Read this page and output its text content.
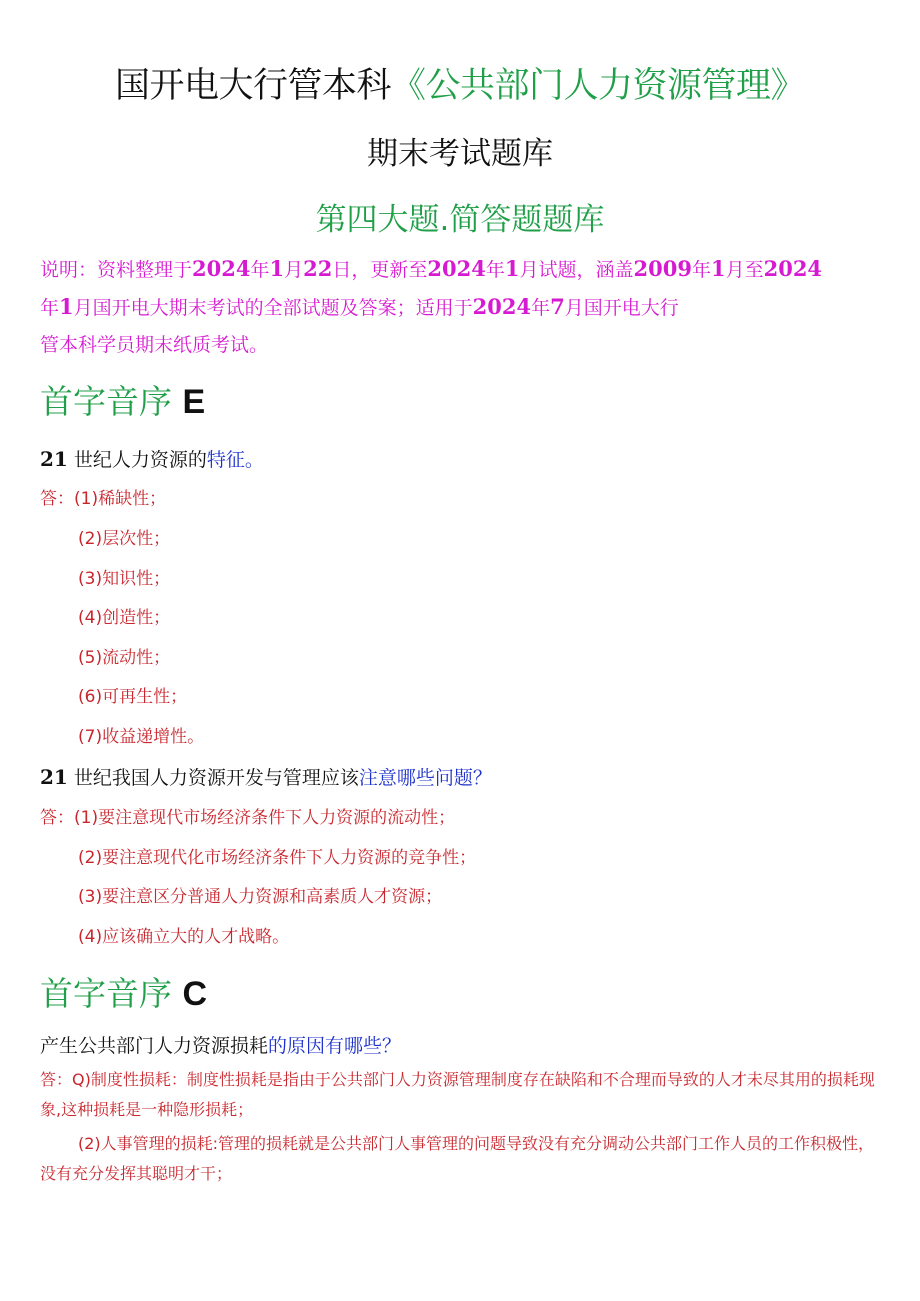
国开电大行管本科《公共部门人力资源管理》
期末考试题库
第四大题.简答题题库
说明：资料整理于2024年1月22日，更新至2024年1月试题，涵盖2009年1月至2024
年1月国开电大期末考试的全部试题及答案；适用于2024年7月国开电大行
管本科学员期末纸质考试。
首字音序 E
21 世纪人力资源的特征。
答：(1)稀缺性；
(2)层次性；
(3)知识性；
(4)创造性；
(5)流动性；
(6)可再生性；
(7)收益递增性。
21 世纪我国人力资源开发与管理应该注意哪些问题？
答：(1)要注意现代市场经济条件下人力资源的流动性；
(2)要注意现代化市场经济条件下人力资源的竞争性；
(3)要注意区分普通人力资源和高素质人才资源；
(4)应该确立大的人才战略。
首字音序 C
产生公共部门人力资源损耗的原因有哪些？
答：Q)制度性损耗：制度性损耗是指由于公共部门人力资源管理制度存在缺陷和不合理而导致的人才未尽其用的损耗现象,这种损耗是一种隐形损耗；
(2)人事管理的损耗:管理的损耗就是公共部门人事管理的问题导致没有充分调动公共部门工作人员的工作积极性，没有充分发挥其聪明才干；
